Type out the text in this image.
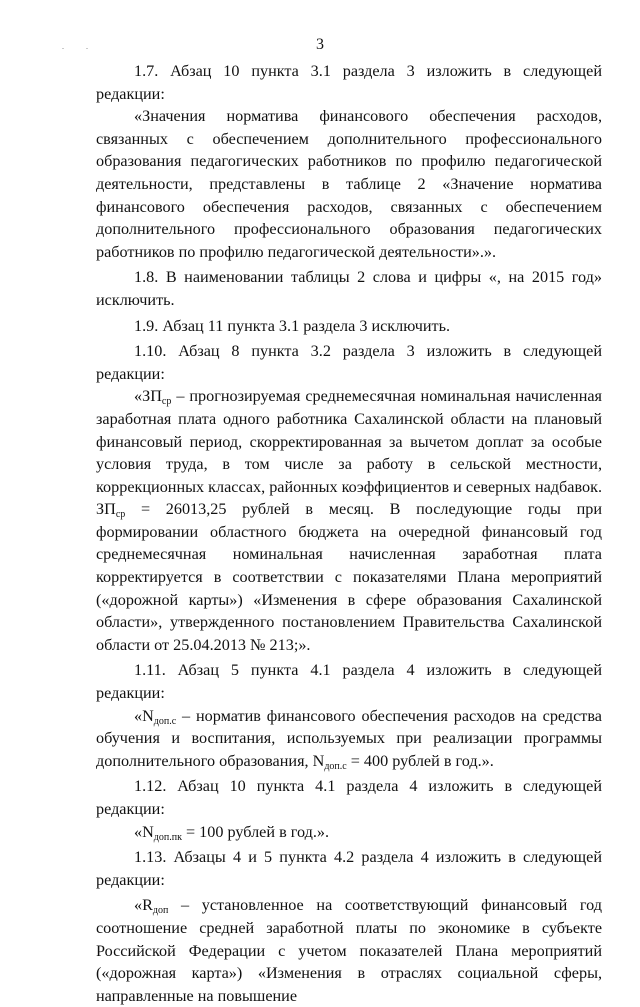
. .	3

1.7. Абзац 10 пункта 3.1 раздела 3 изложить в следующей редакции:

«Значения норматива финансового обеспечения расходов, связанных с обеспечением дополнительного профессионального образования педагогических работников по профилю педагогической деятельности, представлены в таблице 2 «Значение норматива финансового обеспечения расходов, связанных с обеспечением дополнительного профессионального образования педагогических работников по профилю педагогической деятельности».».

1.8. В наименовании таблицы 2 слова и цифры «, на 2015 год» исключить.

1.9. Абзац 11 пункта 3.1 раздела 3 исключить.

1.10. Абзац 8 пункта 3.2 раздела 3 изложить в следующей редакции:

«$ЗП_{ср}$ – прогнозируемая среднемесячная номинальная начисленная заработная плата одного работника Сахалинской области на плановый финансовый период, скорректированная за вычетом доплат за особые условия труда, в том числе за работу в сельской местности, коррекционных классах, районных коэффициентов и северных надбавок. $ЗП_{ср} = 26013,25$ рублей в месяц. В последующие годы при формировании областного бюджета на очередной финансовый год среднемесячная номинальная начисленная заработная плата корректируется в соответствии с показателями Плана мероприятий («дорожной карты») «Изменения в сфере образования Сахалинской области», утвержденного постановлением Правительства Сахалинской области от 25.04.2013 № 213;».

1.11. Абзац 5 пункта 4.1 раздела 4 изложить в следующей редакции:

«$N_{доп.с}$ – норматив финансового обеспечения расходов на средства обучения и воспитания, используемых при реализации программы дополнительного образования, $N_{доп.с} = 400$ рублей в год.».

1.12. Абзац 10 пункта 4.1 раздела 4 изложить в следующей редакции:

«$N_{доп.пк} = 100$ рублей в год.».

1.13. Абзацы 4 и 5 пункта 4.2 раздела 4 изложить в следующей редакции:

«$R_{доп}$ – установленное на соответствующий финансовый год соотношение средней заработной платы по экономике в субъекте Российской Федерации с учетом показателей Плана мероприятий («дорожная карта») «Изменения в отраслях социальной сферы, направленные на повышение
